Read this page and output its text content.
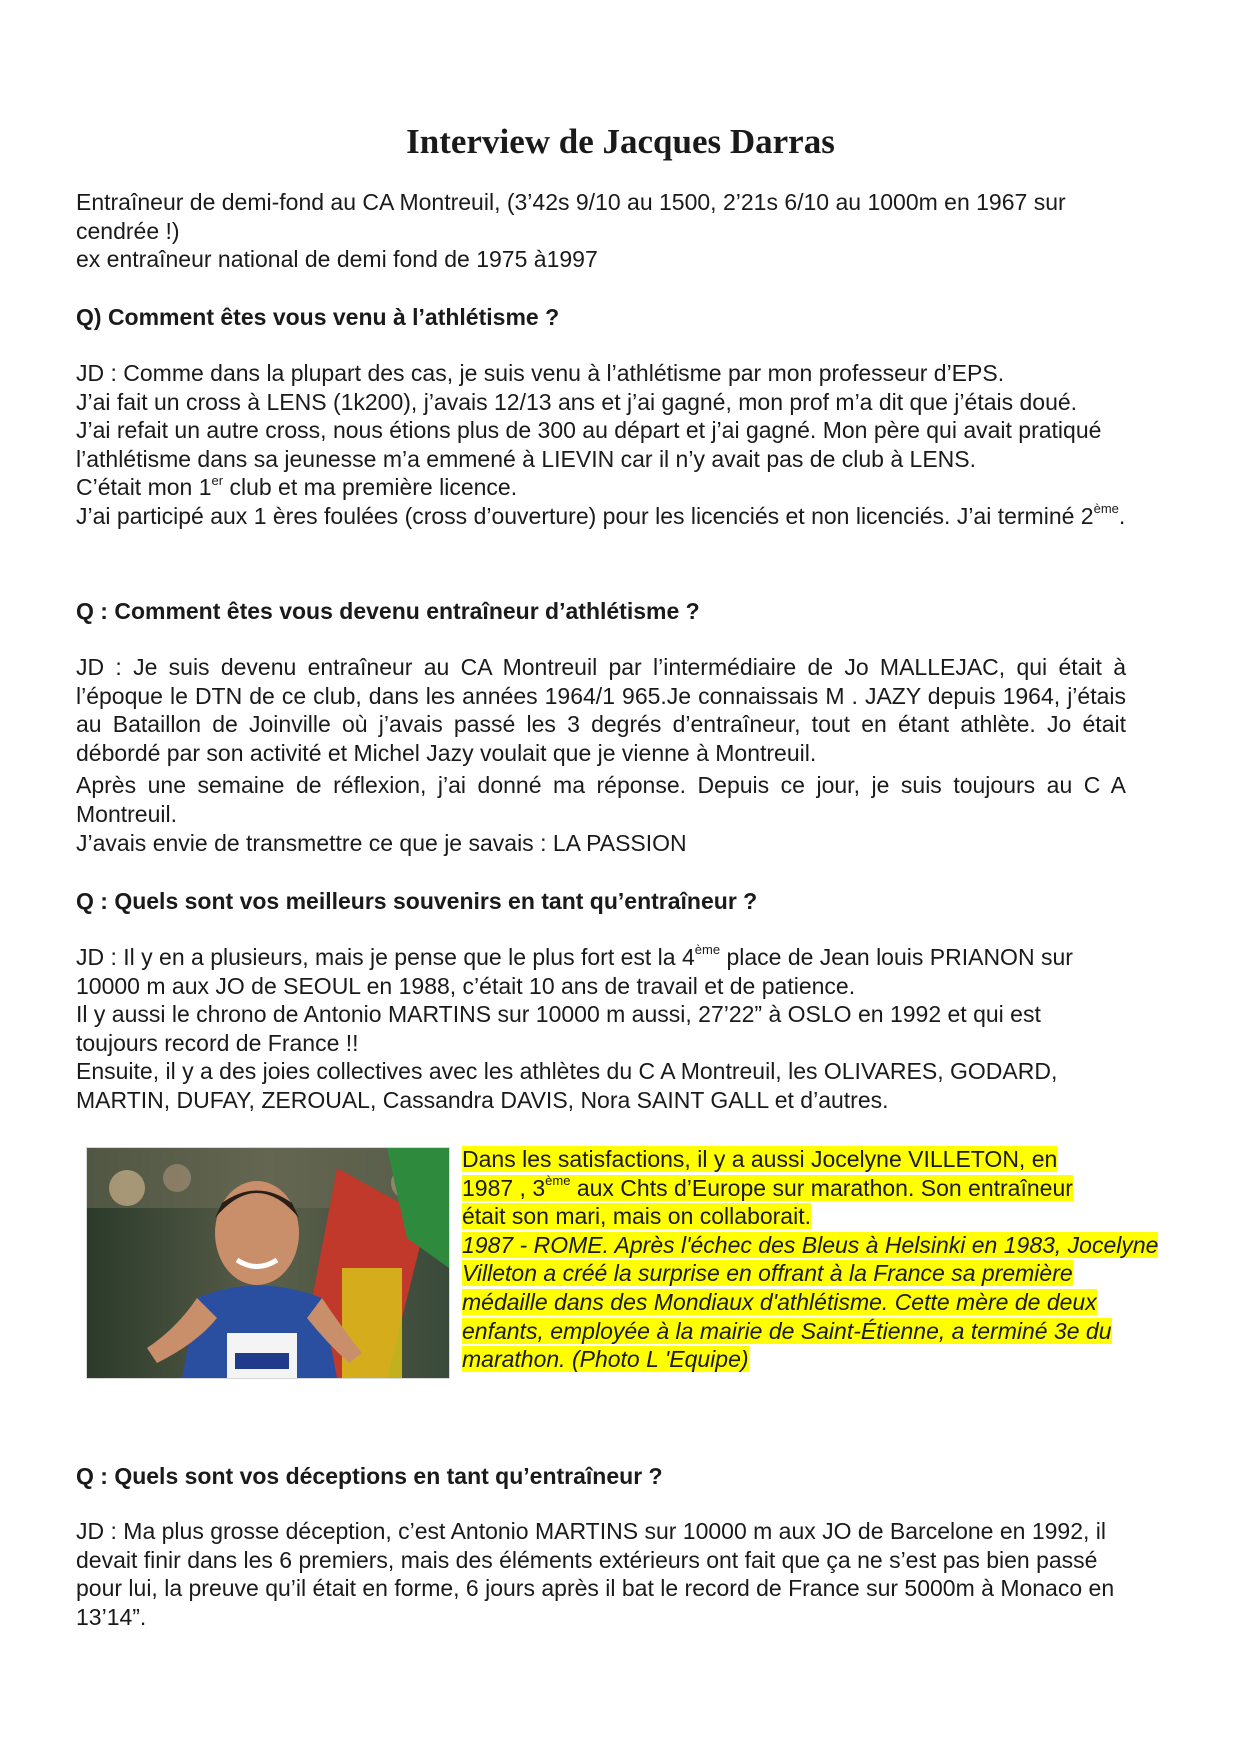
Interview de Jacques Darras

Entraîneur de demi-fond au CA Montreuil, (3’42s 9/10 au 1500, 2’21s 6/10 au 1000m en 1967 sur cendrée !)

ex entraîneur national de demi fond de 1975 à1997

Q) Comment êtes vous venu à l’athlétisme ?

JD : Comme dans la plupart des cas, je suis venu à l’athlétisme par mon professeur d’EPS.

J’ai fait un cross à LENS (1k200), j’avais 12/13 ans et j’ai gagné, mon prof m’a dit que j’étais doué.

J’ai refait un autre cross, nous étions plus de 300 au départ et j’ai gagné. Mon père qui avait pratiqué l’athlétisme dans sa jeunesse m’a emmené à LIEVIN car il n’y avait pas de club à LENS.

C’était mon 1er club et ma première licence.

J’ai participé aux 1 ères foulées (cross d’ouverture) pour les licenciés et non licenciés. J’ai terminé 2ème.

Q : Comment êtes vous devenu entraîneur d’athlétisme ?

JD : Je suis devenu entraîneur au CA Montreuil par l’intermédiaire de Jo MALLEJAC, qui était à l’époque le DTN de ce club, dans les années 1964/1 965.Je connaissais M . JAZY depuis 1964, j’étais au Bataillon de Joinville où j’avais passé les 3 degrés d’entraîneur, tout en étant athlète. Jo était débordé par son activité et Michel Jazy voulait que je vienne à Montreuil.

Après une semaine de réflexion, j’ai donné ma réponse. Depuis ce jour, je suis toujours au C A Montreuil.

J’avais envie de transmettre ce que je savais : LA PASSION

Q : Quels sont vos meilleurs souvenirs en tant qu’entraîneur ?

JD : Il y en a plusieurs, mais je pense que le plus fort est la 4ème place de Jean louis PRIANON sur 10000 m aux JO de SEOUL en 1988, c’était 10 ans de travail et de patience.

Il y aussi le chrono de Antonio MARTINS sur 10000 m aussi, 27’22” à OSLO en 1992 et qui est toujours record de France !!

Ensuite, il y a des joies collectives avec les athlètes du C A Montreuil, les OLIVARES, GODARD, MARTIN, DUFAY, ZEROUAL, Cassandra DAVIS, Nora SAINT GALL et d’autres.

Dans les satisfactions, il y a aussi Jocelyne VILLETON, en

1987 , 3ème aux Chts d’Europe sur marathon. Son entraîneur

était son mari, mais on collaborait.

1987 - ROME. Après l'échec des Bleus à Helsinki en 1983, Jocelyne Villeton a créé la surprise en offrant à la France sa première médaille dans des Mondiaux d'athlétisme. Cette mère de deux enfants, employée à la mairie de Saint-Étienne, a terminé 3e du marathon. (Photo L 'Equipe)

Q : Quels sont vos déceptions en tant qu’entraîneur ?

JD : Ma plus grosse déception, c’est Antonio MARTINS sur 10000 m aux JO de Barcelone en 1992, il devait finir dans les 6 premiers, mais des éléments extérieurs ont fait que ça ne s’est pas bien passé pour lui, la preuve qu’il était en forme, 6 jours après il bat le record de France sur 5000m à Monaco en 13’14”.
